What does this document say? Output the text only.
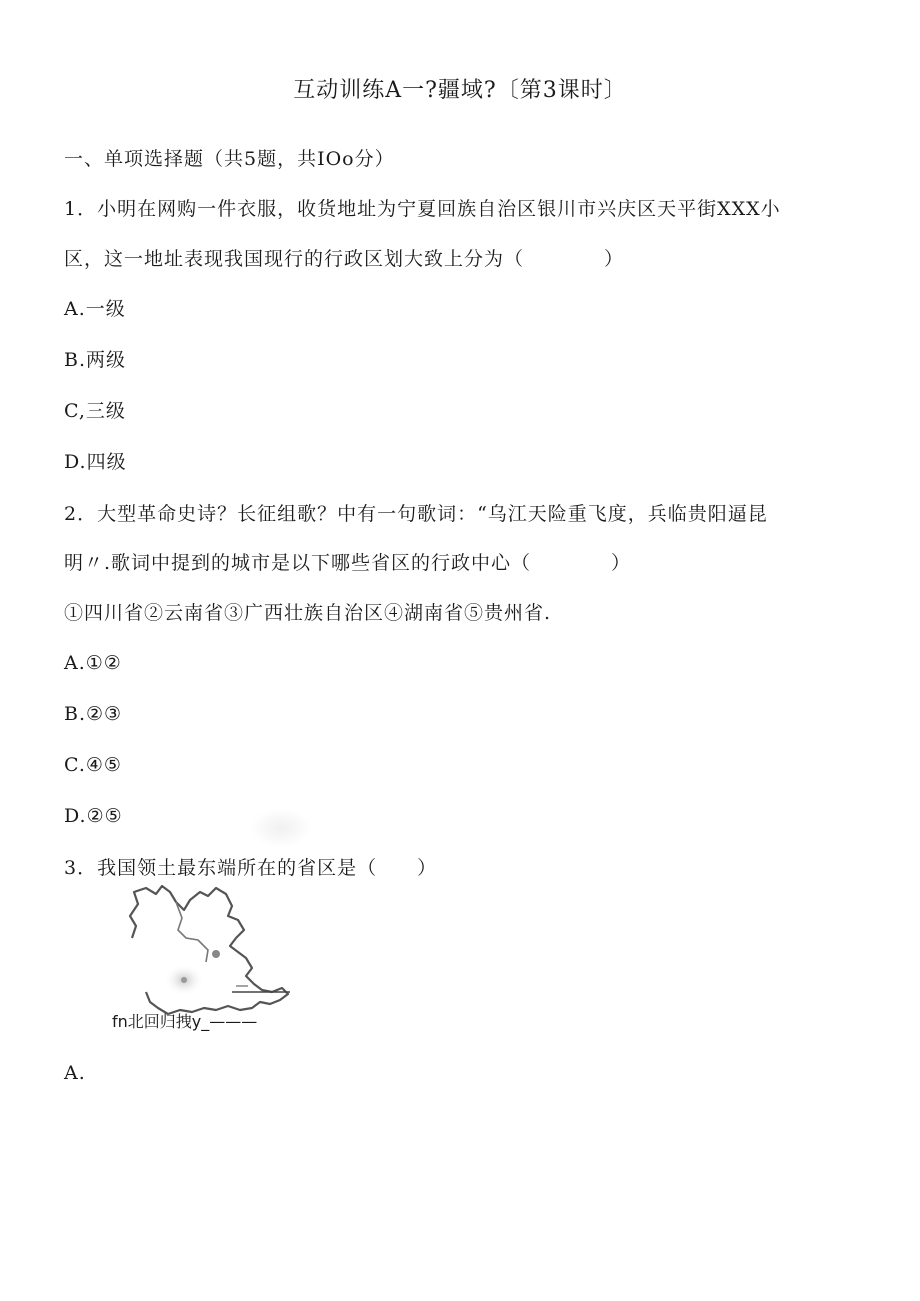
互动训练A一?疆域?〔第3课时〕
一、单项选择题（共5题，共IOo分）
1．小明在网购一件衣服，收货地址为宁夏回族自治区银川市兴庆区天平街XXX小
区，这一地址表现我国现行的行政区划大致上分为（　　　　）
A.一级
B.两级
C,三级
D.四级
2．大型革命史诗？长征组歌？中有一句歌词：“乌江天险重飞度，兵临贵阳逼昆
明〃.歌词中提到的城市是以下哪些省区的行政中心（　　　　）
①四川省②云南省③广西壮族自治区④湖南省⑤贵州省.
A.①②
B.②③
C.④⑤
D.②⑤
3．我国领土最东端所在的省区是（　　）
fn北回归拽y_———
A.
